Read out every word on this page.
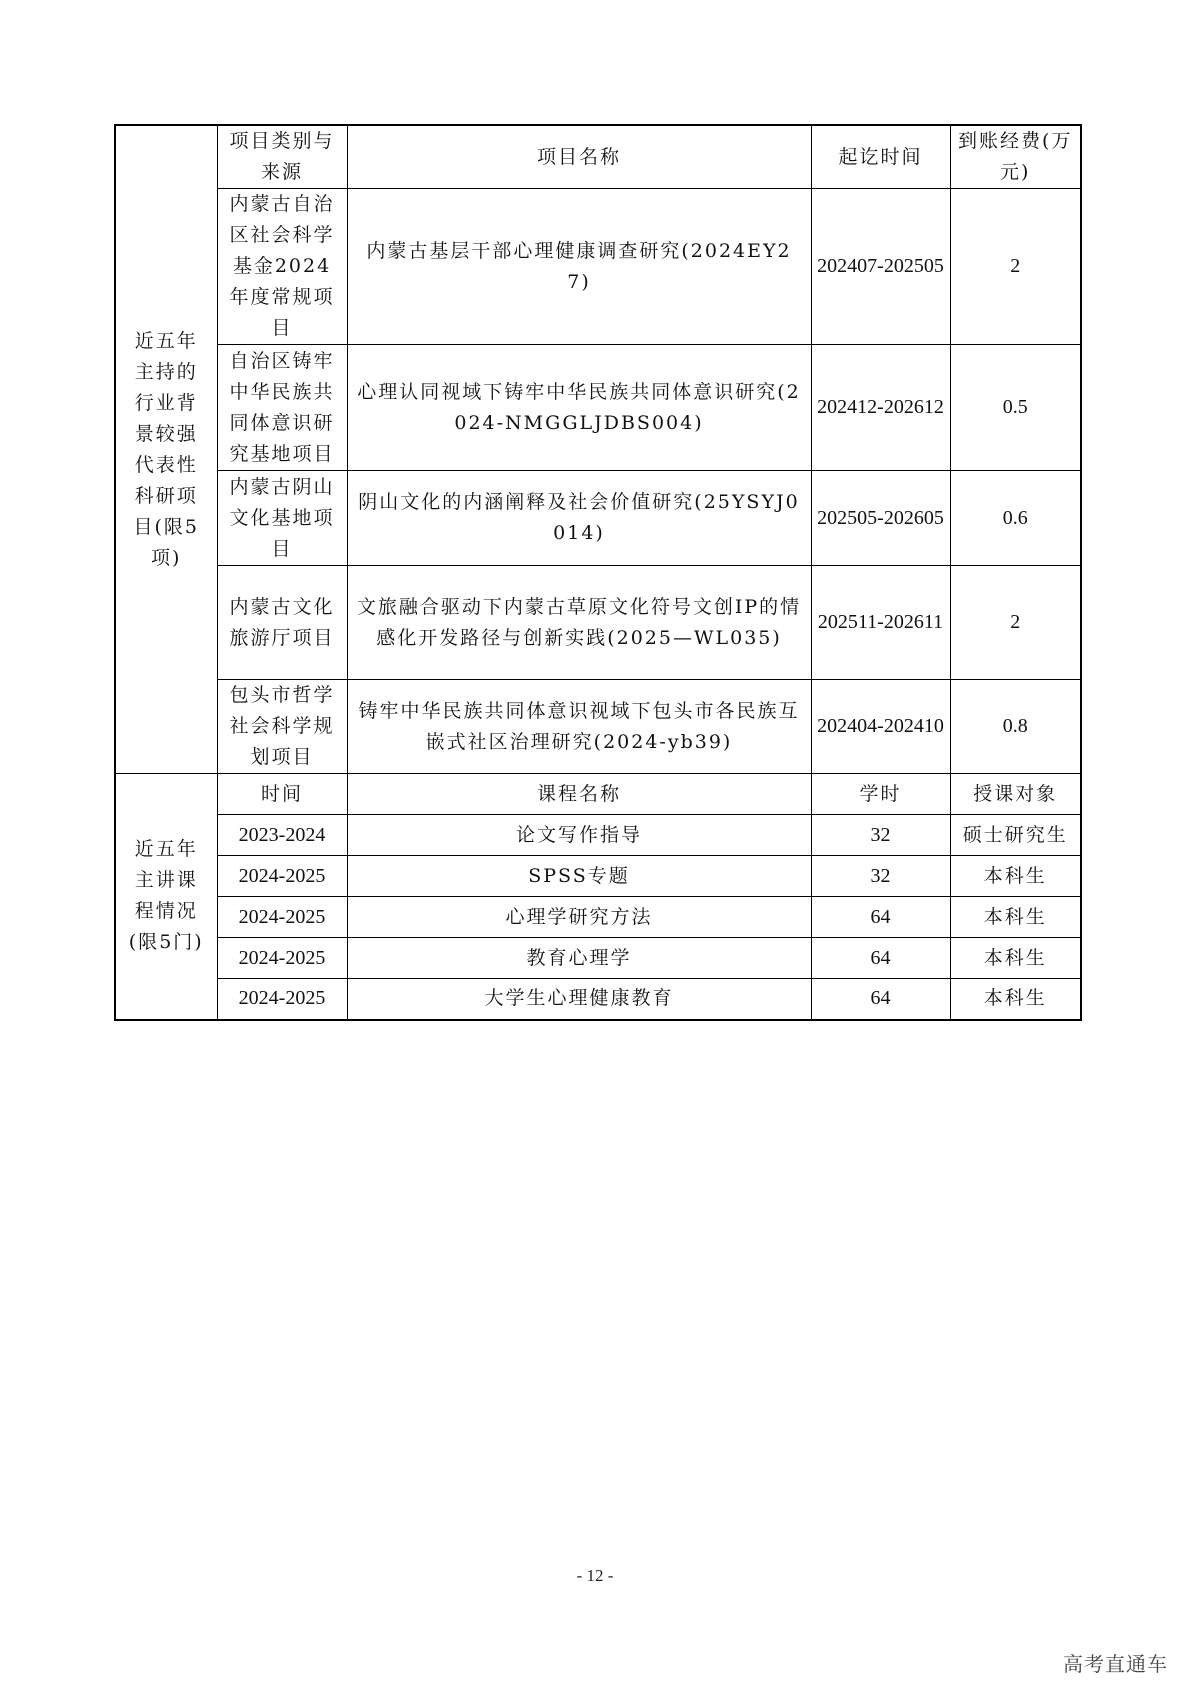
近五年主持的行业背景较强代表性科研项目(限5项)	项目类别与来源	项目名称	起讫时间	到账经费(万元)
	内蒙古自治区社会科学基金2024年度常规项目	内蒙古基层干部心理健康调查研究(2024EY27)	202407-202505	2
	自治区铸牢中华民族共同体意识研究基地项目	心理认同视域下铸牢中华民族共同体意识研究(2024-NMGGLJDBS004)	202412-202612	0.5
	内蒙古阴山文化基地项目	阴山文化的内涵阐释及社会价值研究(25YSYJ0014)	202505-202605	0.6
	内蒙古文化旅游厅项目	文旅融合驱动下内蒙古草原文化符号文创IP的情感化开发路径与创新实践(2025—WL035)	202511-202611	2
	包头市哲学社会科学规划项目	铸牢中华民族共同体意识视域下包头市各民族互嵌式社区治理研究(2024-yb39)	202404-202410	0.8
近五年主讲课程情况(限5门)	时间	课程名称	学时	授课对象
	2023-2024	论文写作指导	32	硕士研究生
	2024-2025	SPSS专题	32	本科生
	2024-2025	心理学研究方法	64	本科生
	2024-2025	教育心理学	64	本科生
	2024-2025	大学生心理健康教育	64	本科生
- 12 -
高考直通车
